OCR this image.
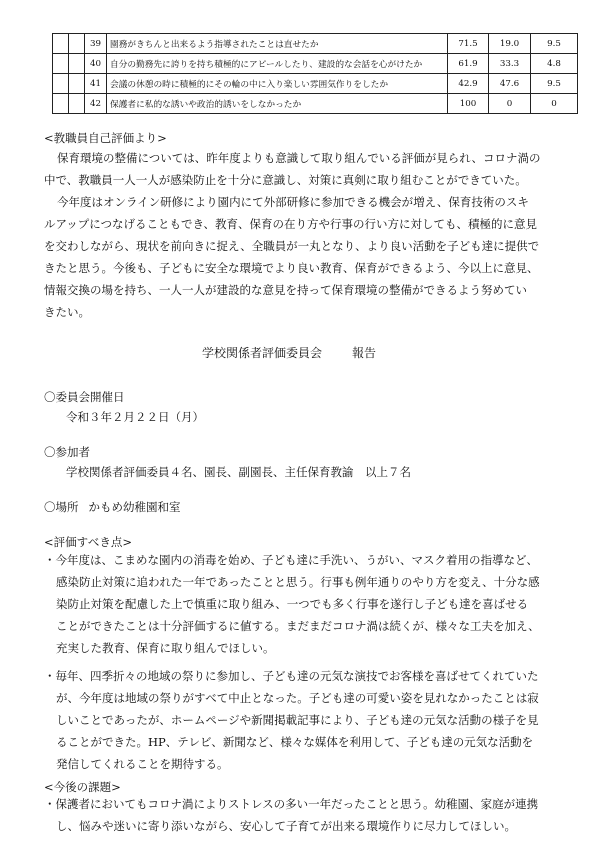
		39	園務がきちんと出来るよう指導されたことは直せたか	71.5	19.0	9.5
		40	自分の勤務先に誇りを持ち積極的にアピールしたり、建設的な会話を心がけたか	61.9	33.3	4.8
		41	会議の休憩の時に積極的にその輪の中に入り楽しい雰囲気作りをしたか	42.9	47.6	9.5
		42	保護者に私的な誘いや政治的誘いをしなかったか	100	0	0
<教職員自己評価より>
保育環境の整備については、昨年度よりも意識して取り組んでいる評価が見られ、コロナ渦の
中で、教職員一人一人が感染防止を十分に意識し、対策に真剣に取り組むことができていた。
今年度はオンライン研修により園内にて外部研修に参加できる機会が増え、保育技術のスキ
ルアップにつなげることもでき、教育、保育の在り方や行事の行い方に対しても、積極的に意見
を交わしながら、現状を前向きに捉え、全職員が一丸となり、より良い活動を子ども達に提供で
きたと思う。今後も、子どもに安全な環境でより良い教育、保育ができるよう、今以上に意見、
情報交換の場を持ち、一人一人が建設的な意見を持って保育環境の整備ができるよう努めてい
きたい。
学校関係者評価委員会	報告
〇委員会開催日
令和３年２月２２日（月）
〇参加者
学校関係者評価委員４名、園長、副園長、主任保育教諭　以上７名
〇場所 かもめ幼稚園和室
<評価すべき点>
・今年度は、こまめな園内の消毒を始め、子ども達に手洗い、うがい、マスク着用の指導など、
感染防止対策に追われた一年であったことと思う。行事も例年通りのやり方を変え、十分な感
染防止対策を配慮した上で慎重に取り組み、一つでも多く行事を遂行し子ども達を喜ばせる
ことができたことは十分評価するに値する。まだまだコロナ渦は続くが、様々な工夫を加え、
充実した教育、保育に取り組んでほしい。
・毎年、四季折々の地域の祭りに参加し、子ども達の元気な演技でお客様を喜ばせてくれていた
が、今年度は地域の祭りがすべて中止となった。子ども達の可愛い姿を見れなかったことは寂
しいことであったが、ホームページや新聞掲載記事により、子ども達の元気な活動の様子を見
ることができた。HP、テレビ、新聞など、様々な媒体を利用して、子ども達の元気な活動を
発信してくれることを期待する。
<今後の課題>
・保護者においてもコロナ渦によりストレスの多い一年だったことと思う。幼稚園、家庭が連携
し、悩みや迷いに寄り添いながら、安心して子育てが出来る環境作りに尽力してほしい。
